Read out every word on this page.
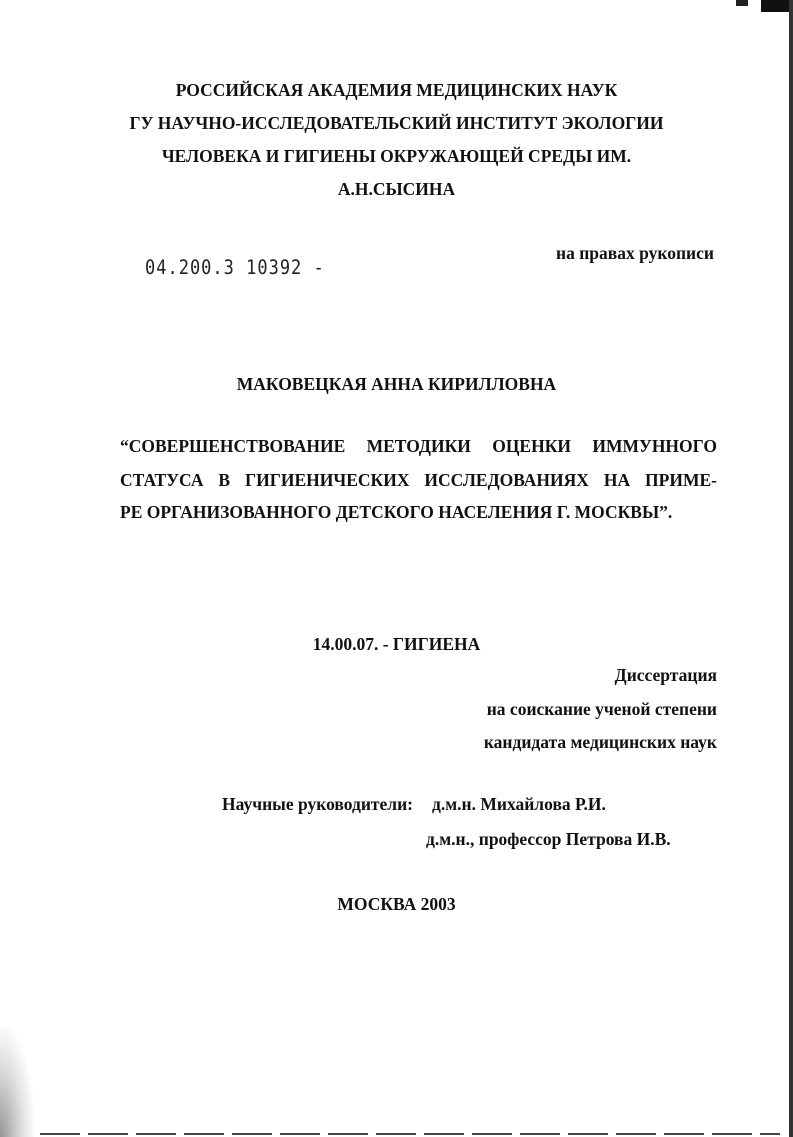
РОССИЙСКАЯ АКАДЕМИЯ МЕДИЦИНСКИХ НАУК
ГУ НАУЧНО-ИССЛЕДОВАТЕЛЬСКИЙ ИНСТИТУТ ЭКОЛОГИИ
ЧЕЛОВЕКА И ГИГИЕНЫ ОКРУЖАЮЩЕЙ СРЕДЫ ИМ.
А.Н.СЫСИНА
04.200.3 10392 -
на правах рукописи
МАКОВЕЦКАЯ АННА КИРИЛЛОВНА
“СОВЕРШЕНСТВОВАНИЕ МЕТОДИКИ ОЦЕНКИ ИММУННОГО
СТАТУСА В ГИГИЕНИЧЕСКИХ ИССЛЕДОВАНИЯХ НА ПРИМЕ-
РЕ ОРГАНИЗОВАННОГО ДЕТСКОГО НАСЕЛЕНИЯ Г. МОСКВЫ”.
14.00.07. - ГИГИЕНА
Диссертация
на соискание ученой степени
кандидата медицинских наук
Научные руководители: д.м.н. Михайлова Р.И.
д.м.н., профессор Петрова И.В.
МОСКВА 2003
